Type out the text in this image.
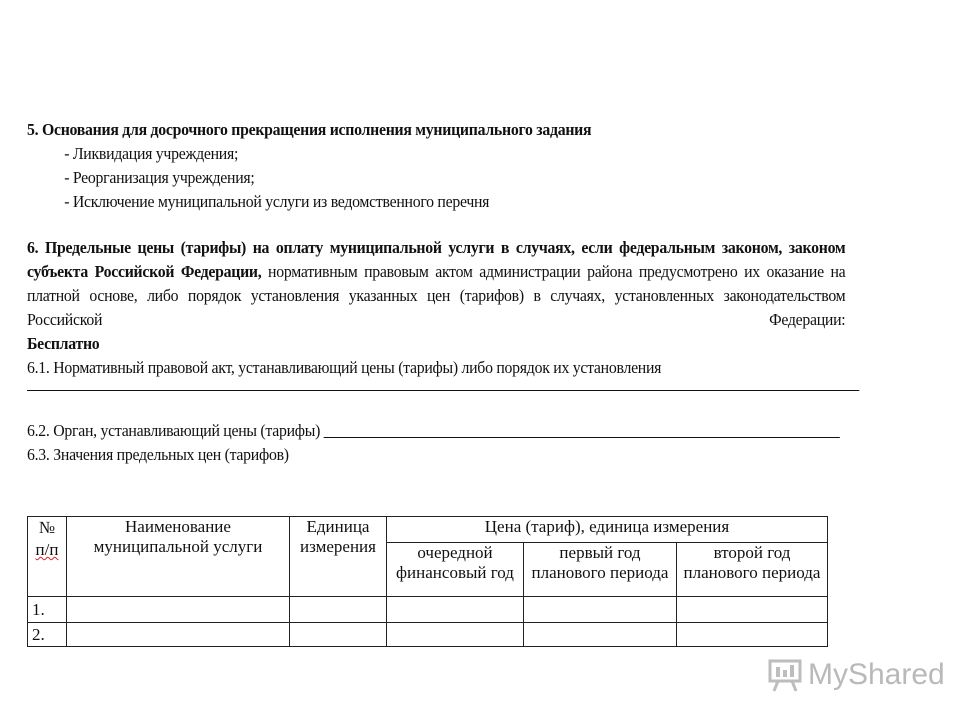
5. Основания для досрочного прекращения исполнения муниципального задания
- Ликвидация учреждения;
- Реорганизация учреждения;
- Исключение муниципальной услуги из ведомственного перечня
6. Предельные цены (тарифы) на оплату муниципальной услуги в случаях, если федеральным законом, законом субъекта Российской Федерации, нормативным правовым актом администрации района предусмотрено их оказание на платной основе, либо порядок установления указанных цен (тарифов) в случаях, установленных законодательством Российской Федерации:
Бесплатно
6.1. Нормативный правовой акт, устанавливающий цены (тарифы) либо порядок их установления
6.2. Орган, устанавливающий цены (тарифы)
6.3. Значения предельных цен (тарифов)
№
п/п	Наименование муниципальной услуги	Единица измерения	Цена (тариф), единица измерения		
			очередной финансовый год	первый год планового периода	второй год планового периода
1.					
2.					
MyShared
